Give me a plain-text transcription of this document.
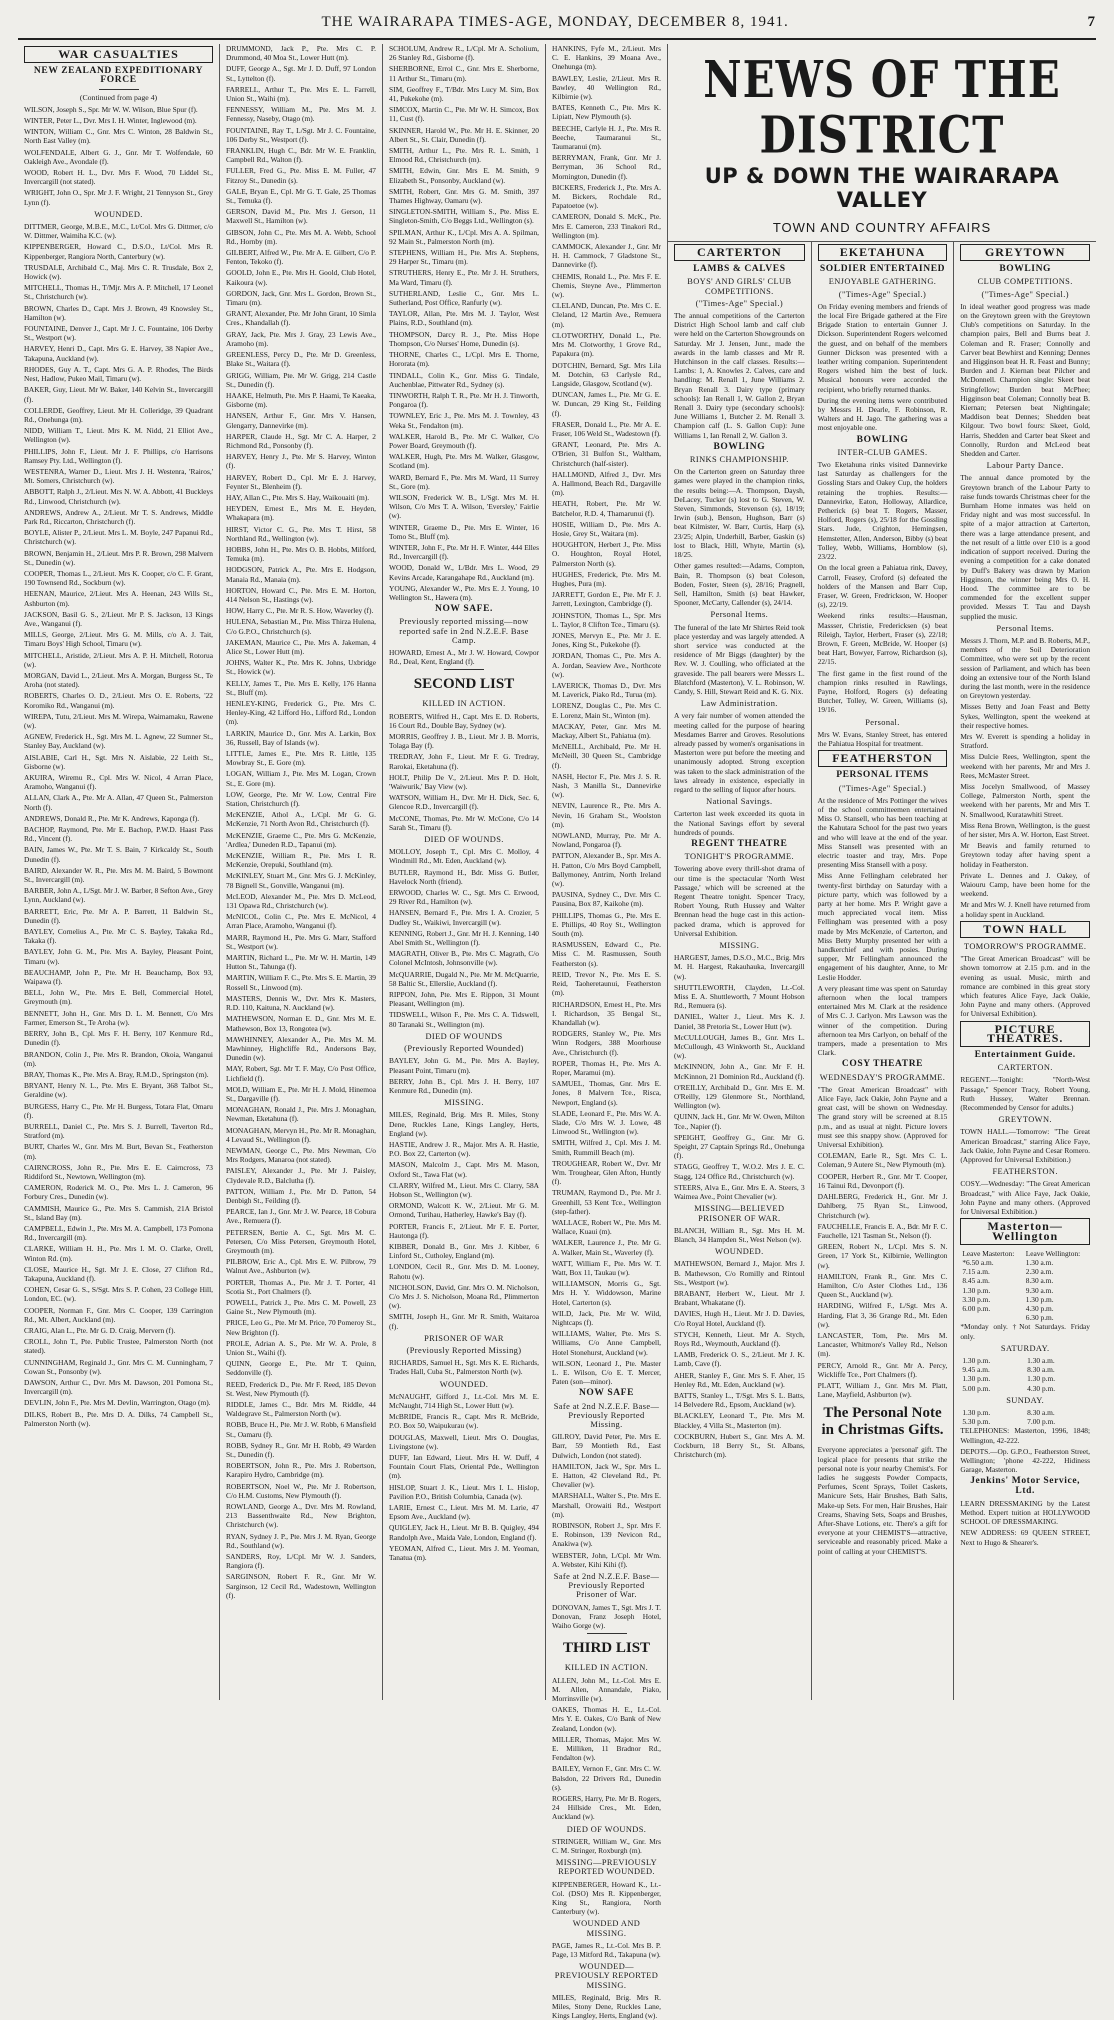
THE WAIRARAPA TIMES-AGE, MONDAY, DECEMBER 8, 1941.	7
WAR CASUALTIES
NEW ZEALAND EXPEDITIONARY FORCE
(Continued from page 4)

WILSON, Joseph S., Spr. Mr W. W. Wilson, Blue Spur (f).

WINTER, Peter L., Dvr. Mrs I. H. Winter, Inglewood (m).

WINTON, William C., Gnr. Mrs C. Winton, 28 Baldwin St., North East Valley (m).

WOLFENDALE, Albert G. J., Gnr. Mr T. Wolfendale, 60 Oakleigh Ave., Avondale (f).

WOOD, Robert H. L., Dvr. Mrs F. Wood, 70 Liddel St., Invercargill (not stated).

WRIGHT, John O., Spr. Mr J. F. Wright, 21 Tennyson St., Grey Lynn (f).

WOUNDED.

DITTMER, George, M.B.E., M.C., Lt/Col. Mrs G. Dittmer, c/o W. Dittmer, Waimiha K.C. (w).

KIPPENBERGER, Howard C., D.S.O., Lt/Col. Mrs R. Kippenberger, Rangiora North, Canterbury (w).

TRUSDALE, Archibald C., Maj. Mrs C. R. Trusdale, Box 2, Howick (w).

MITCHELL, Thomas H., T/Mjr. Mrs A. P. Mitchell, 17 Leonel St., Christchurch (w).

BROWN, Charles D., Capt. Mrs J. Brown, 49 Knowsley St., Hamilton (w).

FOUNTAINE, Denver J., Capt. Mr J. C. Fountaine, 106 Derby St., Westport (w).

HARVEY, Henri D., Capt. Mrs G. E. Harvey, 38 Napier Ave., Takapuna, Auckland (w).

RHODES, Guy A. T., Capt. Mrs G. A. P. Rhodes, The Birds Nest, Hadlow, Pukeo Mail, Timaru (w).

BAKER, Guy, Lieut. Mr W. Baker, 140 Kelvin St., Invercargill (f).

COLLERDE, Geoffrey, Lieut. Mr H. Colleridge, 39 Quadrant Rd., Onehunga (m).

NIDD, William T., Lieut. Mrs K. M. Nidd, 21 Elliot Ave., Wellington (w).

PHILLIPS, John F., Lieut. Mr J. F. Phillips, c/o Harrisons Ramsey Pty. Ltd., Wellington (f).

WESTENRA, Warner D., Lieut. Mrs J. H. Westenra, 'Rairos,' Mt. Somers, Christchurch (w).

ABBOTT, Ralph J., 2/Lieut. Mrs N. W. A. Abbott, 41 Buckleys Rd., Linwood, Christchurch (w).

ANDREWS, Andrew A., 2/Lieut. Mr T. S. Andrews, Middle Park Rd., Riccarton, Christchurch (f).

BOYLE, Alister P., 2/Lieut. Mrs L. M. Boyle, 247 Papanui Rd., Christchurch (w).

BROWN, Benjamin H., 2/Lieut. Mrs P. R. Brown, 298 Malvern St., Dunedin (w).

COOPER, Thomas L., 2/Lieut. Mrs K. Cooper, c/o C. F. Grant, 190 Townsend Rd., Sockburn (w).

HEENAN, Maurice, 2/Lieut. Mrs A. Heenan, 243 Wills St., Ashburton (m).

JACKSON, Basil G. S., 2/Lieut. Mr P. S. Jackson, 13 Kings Ave., Wanganui (f).

MILLS, George, 2/Lieut. Mrs G. M. Mills, c/o A. J. Tait, Timaru Boys' High School, Timaru (w).

MITCHELL, Aristide, 2/Lieut. Mrs A. P. H. Mitchell, Rotorua (w).

MORGAN, David L., 2/Lieut. Mrs A. Morgan, Burgess St., Te Aroha (not stated).

ROBERTS, Charles O. D., 2/Lieut. Mrs O. E. Roberts, '22 Koromiko Rd., Wanganui (m).

WIREPA, Tutu, 2/Lieut. Mrs M. Wirepa, Waimamaku, Rawene (w).

AGNEW, Frederick H., Sgt. Mrs M. L. Agnew, 22 Sumner St., Stanley Bay, Auckland (w).

AISLABIE, Carl H., Sgt. Mrs N. Aislabie, 22 Leith St., Gisborne (w).

AKUIRA, Wiremu R., Cpl. Mrs W. Nicol, 4 Arran Place, Aramoho, Wanganui (f).

ALLAN, Clark A., Pte. Mr A. Allan, 47 Queen St., Palmerston North (f).

ANDREWS, Donald R., Pte. Mr K. Andrews, Kaponga (f).

BACHOP, Raymond, Pte. Mr E. Bachop, P.W.D. Haast Pass Rd., Vincent (f).

BAIN, James W., Pte. Mr T. S. Bain, 7 Kirkcaldy St., South Dunedin (f).

BAIRD, Alexander W. R., Pte. Mrs M. M. Baird, 5 Bowmont St., Invercargill (m).

BARBER, John A., L/Sgt. Mr J. W. Barber, 8 Sefton Ave., Grey Lynn, Auckland (w).

BARRETT, Eric, Pte. Mr A. P. Barrett, 11 Baldwin St., Dunedin (f).

BAYLEY, Cornelius A., Pte. Mr C. S. Bayley, Takaka Rd., Takaka (f).

BAYLEY, John G. M., Pte. Mrs A. Bayley, Pleasant Point, Timaru (w).

BEAUCHAMP, John P., Pte. Mr H. Beauchamp, Box 93, Waipawa (f).

BELL, John W., Pte. Mrs E. Bell, Commercial Hotel, Greymouth (m).

BENNETT, John H., Gnr. Mrs D. L. M. Bennett, C/o Mrs Farmer, Emerson St., Te Aroha (w).

BERRY, John B., Cpl. Mrs F. H. Berry, 107 Kenmure Rd., Dunedin (f).

BRANDON, Colin J., Pte. Mrs R. Brandon, Okoia, Wanganui (m).

BRAY, Thomas K., Pte. Mrs A. Bray, R.M.D., Springston (m).

BRYANT, Henry N. L., Pte. Mrs E. Bryant, 368 Talbot St., Geraldine (w).

BURGESS, Harry C., Pte. Mr H. Burgess, Totara Flat, Omaru (f).

BURRELL, Daniel C., Pte. Mrs S. J. Burrell, Taverton Rd., Stratford (m).

BURT, Charles W., Gnr. Mrs M. Burt, Bevan St., Featherston (m).

CAIRNCROSS, John R., Pte. Mrs E. E. Cairncross, 73 Riddiford St., Newtown, Wellington (m).

CAMERON, Roderick M. O., Pte. Mrs L. J. Cameron, 96 Forbury Cres., Dunedin (w).

CAMMISH, Maurice G., Pte. Mrs S. Cammish, 21A Bristol St., Island Bay (m).

CAMPBELL, Edwin J., Pte. Mrs M. A. Campbell, 173 Pomona Rd., Invercargill (m).

CLARKE, William H. H., Pte. Mrs I. M. O. Clarke, Orell, Winton Rd. (m).

CLOSE, Maurice H., Sgt. Mr J. E. Close, 27 Clifton Rd., Takapuna, Auckland (f).

COHEN, Cesar G. S., S/Sgt. Mrs S. P. Cohen, 23 College Hill, London, EC. (w).

COOPER, Norman F., Gnr. Mrs C. Cooper, 139 Carrington Rd., Mt. Albert, Auckland (m).

CRAIG, Alan L., Pte. Mr G. D. Craig, Mervern (f).

CROLL, John T., Pte. Public Trustee, Palmerston North (not stated).

CUNNINGHAM, Reginald J., Gnr. Mrs C. M. Cunningham, 7 Cowan St., Ponsonby (w).

DAWSON, Arthur C., Dvr. Mrs M. Dawson, 201 Pomona St., Invercargill (m).

DEVLIN, John F., Pte. Mrs M. Devlin, Warrington, Otago (m).

DILKS, Robert B., Pte. Mrs D. A. Dilks, 74 Campbell St., Palmerston North (w).

DRUMMOND, Jack P., Pte. Mrs C. P. Drummond, 40 Moa St., Lower Hutt (m).

DUFF, George A., Sgt. Mr J. D. Duff, 97 London St., Lyttelton (f).

FARRELL, Arthur T., Pte. Mrs E. L. Farrell, Union St., Waihi (m).

FENNESSY, William M., Pte. Mrs M. J. Fennessy, Naseby, Otago (m).

FOUNTAINE, Ray T., L/Sgt. Mr J. C. Fountaine, 106 Derby St., Westport (f).

FRANKLIN, Hugh C., Bdr. Mr W. E. Franklin, Campbell Rd., Walton (f).

FULLER, Fred G., Pte. Miss E. M. Fuller, 47 Fitzroy St., Dunedin (s).

GALE, Bryan E., Cpl. Mr G. T. Gale, 25 Thomas St., Temuka (f).

GERSON, David M., Pte. Mrs J. Gerson, 11 Maxwell St., Hamilton (w).

GIBSON, John C., Pte. Mrs M. A. Webb, School Rd., Hornby (m).

GILBERT, Alfred W., Pte. Mr A. E. Gilbert, C/o P. Fenton, Tekoko (f).

GOOLD, John E., Pte. Mrs H. Goold, Club Hotel, Kaikoura (w).

GORDON, Jack, Gnr. Mrs L. Gordon, Brown St., Timaru (m).

GRANT, Alexander, Pte. Mr John Grant, 10 Simla Cres., Khandallah (f).

GRAY, Jack, Pte. Mrs J. Gray, 23 Lewis Ave., Aramoho (m).

GREENLESS, Percy D., Pte. Mr D. Greenless, Blake St., Waitara (f).

GRIGG, William, Pte. Mr W. Grigg, 214 Castle St., Dunedin (f).

HAAKE, Helmuth, Pte. Mrs P. Haami, Te Kaeaka, Gisborne (m).

HANSEN, Arthur F., Gnr. Mrs V. Hansen, Glengarry, Dannevirke (m).

HARPER, Claude H., Sgt. Mr C. A. Harper, 2 Richmond Rd., Ponsonby (f).

HARVEY, Henry J., Pte. Mr S. Harvey, Winton (f).

HARVEY, Robert D., Cpl. Mr E. J. Harvey, Feynter St., Blenheim (f).

HAY, Allan C., Pte. Mrs S. Hay, Waikouaiti (m).

HEYDEN, Ernest E., Mrs M. E. Heyden, Whakapara (m).

HIRST, Victor C. G., Pte. Mrs T. Hirst, 58 Northland Rd., Wellington (w).

HOBBS, John H., Pte. Mrs O. B. Hobbs, Milford, Temuka (m).

HODGSON, Patrick A., Pte. Mrs E. Hodgson, Manaia Rd., Manaia (m).

HORTON, Howard C., Pte. Mrs E. M. Horton, 414 Nelson St., Hastings (w).

HOW, Harry C., Pte. Mr R. S. How, Waverley (f).

HULENA, Sebastian M., Pte. Miss Thirza Hulena, C/o G.P.O., Christchurch (s).

JAKEMAN, Maurice C., Pte. Mrs A. Jakeman, 4 Alice St., Lower Hutt (m).

JOHNS, Walter K., Pte. Mrs K. Johns, Uxbridge St., Howick (w).

KELLY, James T., Pte. Mrs E. Kelly, 176 Hanna St., Bluff (m).

HENLEY-KING, Frederick G., Pte. Mrs C. Henley-King, 42 Lifford Ho., Lifford Rd., London (m).

LARKIN, Maurice D., Gnr. Mrs A. Larkin, Box 36, Russell, Bay of Islands (w).

LITTLE, James E., Pte. Mrs R. Little, 135 Mowbray St., E. Gore (m).

LOGAN, William J., Pte. Mrs M. Logan, Crown St., E. Gore (m).

LOW, George, Pte. Mr W. Low, Central Fire Station, Christchurch (f).

McKENZIE, Athol A., L/Cpl. Mr G. G. McKenzie, 71 North Avon Rd., Christchurch (f).

McKENZIE, Graeme C., Pte. Mrs G. McKenzie, 'Ardlea,' Duneden R.D., Tapanui (m).

McKENZIE, William R., Pte. Mrs I. R. McKenzie, Orepuki, Southland (m).

McKINLEY, Stuart M., Gnr. Mrs G. J. McKinley, 78 Bignell St., Gonville, Wanganui (m).

McLEOD, Alexander M., Pte. Mrs D. McLeod, 131 Opawa Rd., Christchurch (w).

McNICOL, Colin C., Pte. Mrs E. McNicol, 4 Arran Place, Aramoho, Wanganui (f).

MARR, Raymond H., Pte. Mrs G. Marr, Stafford St., Westport (w).

MARTIN, Richard L., Pte. Mr W. H. Martin, 149 Hutton St., Tahunga (f).

MARTIN, William F. C., Pte. Mrs S. E. Martin, 39 Rossell St., Linwood (m).

MASTERS, Dennis W., Dvr. Mrs K. Masters, R.D. 110, Kaituna, N. Auckland (w).

MATHEWSON, Norman E. D., Gnr. Mrs M. E. Mathewson, Box 13, Rongotea (w).

MAWHINNEY, Alexander A., Pte. Mrs M. M. Mawhinney, Highcliffe Rd., Andersons Bay, Dunedin (w).

MAY, Robert, Sgt. Mr T. F. May, C/o Post Office, Lichfield (f).

MOLD, William E., Pte. Mr H. J. Mold, Hinemoa St., Dargaville (f).

MONAGHAN, Ronald J., Pte. Mrs J. Monaghan, Newman, Eketahuna (f).

MONAGHAN, Mervyn H., Pte. Mr R. Monaghan, 4 Levaud St., Wellington (f).

NEWMAN, George C., Pte. Mrs Newman, C/o Mrs Rodgers, Manaroa (not stated).

PAISLEY, Alexander J., Pte. Mr J. Paisley, Clydevale R.D., Balclutha (f).

PATTON, William J., Pte. Mr D. Patton, 54 Denbigh St., Feilding (f).

PEARCE, Ian J., Gnr. Mr J. W. Pearce, 18 Cobura Ave., Remuera (f).

PETERSEN, Bertie A. C., Sgt. Mrs M. C. Petersen, C/o Miss Petersen, Greymouth Hotel, Greymouth (m).

PILBROW, Eric A., Cpl. Mrs E. W. Pilbrow, 79 Walnut Ave., Ashburton (w).

PORTER, Thomas A., Pte. Mr J. T. Porter, 41 Scotia St., Port Chalmers (f).

POWELL, Patrick J., Pte. Mrs C. M. Powell, 23 Gaine St., New Plymouth (m).

PRICE, Leo G., Pte. Mr M. Price, 70 Pomeroy St., New Brighton (f).

PROLE, Adrian A. S., Pte. Mr W. A. Prole, 8 Union St., Waihi (f).

QUINN, George E., Pte. Mr T. Quinn, Seddonville (f).

REED, Frederick D., Pte. Mr F. Reed, 185 Devon St. West, New Plymouth (f).

RIDDLE, James C., Bdr. Mrs M. Riddle, 44 Waldegrave St., Palmerston North (w).

ROBB, Bruce H., Pte. Mr J. W. Robb, 6 Mansfield St., Oamaru (f).

ROBB, Sydney R., Gnr. Mr H. Robb, 49 Warden St., Dunedin (f).

ROBERTSON, John R., Pte. Mrs J. Robertson, Karapiro Hydro, Cambridge (m).

ROBERTSON, Noel W., Pte. Mr J. Robertson, C/o H.M. Customs, New Plymouth (f).

ROWLAND, George A., Dvr. Mrs M. Rowland, 213 Bassenthwaite Rd., New Brighton, Christchurch (w).

RYAN, Sydney J. P., Pte. Mrs J. M. Ryan, George Rd., Southland (w).

SANDERS, Roy, L/Cpl. Mr W. J. Sanders, Rangiora (f).

SARGINSON, Robert F. R., Gnr. Mr W. Sarginson, 12 Cecil Rd., Wadestown, Wellington (f).

SCHOLUM, Andrew R., L/Cpl. Mr A. Scholium, 26 Stanley Rd., Gisborne (f).

SHERBORNE, Errol C., Gnr. Mrs E. Sherborne, 11 Arthur St., Timaru (m).

SIM, Geoffrey F., T/Bdr. Mrs Lucy M. Sim, Box 41, Pukekohe (m).

SIMCOX, Martin C., Pte. Mr W. H. Simcox, Box 11, Cust (f).

SKINNER, Harold W., Pte. Mr H. E. Skinner, 20 Albert St., St. Clair, Dunedin (f).

SMITH, Arthur L., Pte. Mrs R. L. Smith, 1 Elmood Rd., Christchurch (m).

SMITH, Edwin, Gnr. Mrs E. M. Smith, 9 Elizabeth St., Ponsonby, Auckland (w).

SMITH, Robert, Gnr. Mrs G. M. Smith, 397 Thames Highway, Oamaru (w).

SINGLETON-SMITH, William S., Pte. Miss E. Singleton-Smith, C/o Beggs Ltd., Wellington (s).

SPILMAN, Arthur K., L/Cpl. Mrs A. A. Spilman, 92 Main St., Palmerston North (m).

STEPHENS, William H., Pte. Mrs A. Stephens, 29 Harper St., Timaru (m).

STRUTHERS, Henry E., Pte. Mr J. H. Struthers, Ma Ward, Timaru (f).

SUTHERLAND, Leslie C., Gnr. Mrs L. Sutherland, Post Office, Ranfurly (w).

TAYLOR, Allan, Pte. Mrs M. J. Taylor, West Plains, R.D., Southland (m).

THOMPSON, Darcy R. J., Pte. Miss Hope Thompson, C/o Nurses' Home, Dunedin (s).

THORNE, Charles C., L/Cpl. Mrs E. Thorne, Hororata (m).

TINDALL, Colin K., Gnr. Miss G. Tindale, Auchenblae, Pittwater Rd., Sydney (s).

TINWORTH, Ralph T. R., Pte. Mr H. J. Tinworth, Pongaroa (f).

TOWNLEY, Eric J., Pte. Mrs M. J. Townley, 43 Weka St., Fendalton (m).

WALKER, Harold B., Pte. Mr C. Walker, C/o Power Board, Greymouth (f).

WALKER, Hugh, Pte. Mrs M. Walker, Glasgow, Scotland (m).

WARD, Bernard F., Pte. Mrs M. Ward, 11 Surrey St., Gore (m).

WILSON, Frederick W. B., L/Sgt. Mrs M. H. Wilson, C/o Mrs T. A. Wilson, 'Eversley,' Fairlie (w).

WINTER, Graeme D., Pte. Mrs E. Winter, 16 Tomo St., Bluff (m).

WINTER, John F., Pte. Mr H. F. Winter, 444 Elles Rd., Invercargill (f).

WOOD, Donald W., L/Bdr. Mrs L. Wood, 29 Kevins Arcade, Karangahape Rd., Auckland (m).

YOUNG, Alexander W., Pte. Mrs E. J. Young, 10 Wellington St., Hawera (m).

NOW SAFE.
Previously reported missing—now reported safe in 2nd N.Z.E.F. Base Camp.

HOWARD, Ernest A., Mr J. W. Howard, Cowpor Rd., Deal, Kent, England (f).

SECOND LIST
KILLED IN ACTION.

ROBERTS, Wilfred H., Capt. Mrs E. D. Roberts, 16 Court Rd., Double Bay, Sydney (w).

MORRIS, Geoffrey J. B., Lieut. Mr J. B. Morris, Tolaga Bay (f).

TREDRAY, John F., Lieut. Mr F. G. Tredray, Rarokai, Eketahuna (f).

HOLT, Philip De V., 2/Lieut. Mrs P. D. Holt, 'Waiwurik,' Bay View (w).

WATSON, William H., Dvr. Mr H. Dick, Sec. 6, Glencoe R.D., Invercargill (f).

McCONE, Thomas, Pte. Mr W. McCone, C/o 14 Sarah St., Timaru (f).

DIED OF WOUNDS.

MOLLOY, Joseph T., Cpl. Mrs C. Molloy, 4 Windmill Rd., Mt. Eden, Auckland (w).

BUTLER, Raymond H., Bdr. Miss G. Butler, Havelock North (friend).

ERWOOD, Charles W. C., Sgt. Mrs C. Erwood, 29 River Rd., Hamilton (w).

HANSEN, Bernard F., Pte. Mrs I. A. Crozier, 5 Dudley St., Waikiwi, Invercargill (w).

KENNING, Robert J., Gnr. Mr H. J. Kenning, 140 Abel Smith St., Wellington (f).

MAGRATH, Oliver B., Pte. Mrs C. Magrath, C/o Colonel McIntosh, Johnsonville (w).

McQUARRIE, Dugald N., Pte. Mr M. McQuarrie, 58 Baltic St., Ellerslie, Auckland (f).

RIPPON, John, Pte. Mrs E. Rippon, 31 Mount Pleasant, Wellington (m).

TIDSWELL, Wilson F., Pte. Mrs C. A. Tidswell, 80 Taranaki St., Wellington (m).

DIED OF WOUNDS
(Previously Reported Wounded)

BAYLEY, John G. M., Pte. Mrs A. Bayley, Pleasant Point, Timaru (m).

BERRY, John B., Cpl. Mrs J. H. Berry, 107 Kenmure Rd., Dunedin (m).

MISSING.

MILES, Reginald, Brig. Mrs R. Miles, Stony Dene, Ruckles Lane, Kings Langley, Herts, England (w).

HASTIE, Andrew J. R., Major. Mrs A. R. Hastie, P.O. Box 22, Carterton (w).

MASON, Malcolm J., Capt. Mrs M. Mason, Oxford St., Tawa Flat (w).

CLARRY, Wilfred M., Lieut. Mrs C. Clarry, 58A Hobson St., Wellington (w).

ORMOND, Walcott K. W., 2/Lieut. Mr G. M. Ormond, Turihau, Hatherley, Hawke's Bay (f).

PORTER, Francis F., 2/Lieut. Mr F. E. Porter, Hautonga (f).

KIBBER, Donald B., Gnr. Mrs J. Kibber, 6 Linford St., Cutholey, England (m).

LONDON, Cecil R., Gnr. Mrs D. M. Looney, Rahotu (w).

NICHOLSON, David, Gnr. Mrs O. M. Nicholson, C/o Mrs J. S. Nicholson, Moana Rd., Plimmerton (w).

SMITH, Joseph H., Gnr. Mr R. Smith, Waitaroa (f).

PRISONER OF WAR
(Previously Reported Missing)

RICHARDS, Samuel H., Sgt. Mrs K. E. Richards, Trades Hall, Cuba St., Palmerston North (w).

WOUNDED.

McNAUGHT, Gifford J., Lt.-Col. Mrs M. E. McNaught, 714 High St., Lower Hutt (w).

McBRIDE, Francis R., Capt. Mrs R. McBride, P.O. Box 50, Waipukurau (w).

DOUGLAS, Maxwell, Lieut. Mrs O. Douglas, Livingstone (w).

DUFF, Ian Edward, Lieut. Mrs H. W. Duff, 4 Fountain Court Flats, Oriental Pde., Wellington (m).

HISLOP, Stuart J. K., Lieut. Mrs I. L. Hislop, Pavilion P.O., British Columbia, Canada (w).

LARIE, Ernest C., Lieut. Mrs M. M. Larie, 47 Epsom Ave., Auckland (w).

QUIGLEY, Jack H., Lieut. Mr B. B. Quigley, 494 Randolph Ave., Maida Vale, London, England (f).

YEOMAN, Alfred C., Lieut. Mrs J. M. Yeoman, Tanatua (m).

HANKINS, Fyfe M., 2/Lieut. Mrs C. E. Hankins, 39 Moana Ave., Onehunga (m).

BAWLEY, Leslie, 2/Lieut. Mrs R. Bawley, 40 Wellington Rd., Kilbirnie (w).

BATES, Kenneth C., Pte. Mrs K. Lipiatt, New Plymouth (s).

BEECHE, Carlyle H. J., Pte. Mrs R. Beeche, Taumaranui St., Taumaranui (m).

BERRYMAN, Frank, Gnr. Mr J. Berryman, 36 School Rd., Mornington, Dunedin (f).

BICKERS, Frederick J., Pte. Mrs A. M. Bickers, Rochdale Rd., Papatoetoe (w).

CAMERON, Donald S. McK., Pte. Mrs E. Cameron, 233 Tinakori Rd., Wellington (m).

CAMMOCK, Alexander J., Gnr. Mr H. H. Cammock, 7 Gladstone St., Dannevirke (f).

CHEMIS, Ronald L., Pte. Mrs F. E. Chemis, Steyne Ave., Plimmerton (w).

CLELAND, Duncan, Pte. Mrs C. E. Cleland, 12 Martin Ave., Remuera (m).

CLOTWORTHY, Donald L., Pte. Mrs M. Clotworthy, 1 Grove Rd., Papakura (m).

DOTCHIN, Bernard, Sgt. Mrs Lila M. Dotchin, 63 Carlysle Rd., Langside, Glasgow, Scotland (w).

DUNCAN, James L., Pte. Mr G. E. W. Duncan, 29 King St., Feilding (f).

FRASER, Donald L., Pte. Mr A. E. Fraser, 106 Weld St., Wadestown (f).

GRANT, Leonard, Pte. Mrs A. O'Brien, 31 Bulfon St., Waltham, Christchurch (half-sister).

HALLMOND, Alfred J., Dvr. Mrs A. Hallmond, Beach Rd., Dargaville (m).

HEATH, Robert, Pte. Mr W. Batchelor, R.D. 4, Thamarunui (f).

HOSIE, William D., Pte. Mrs A. Hosie, Grey St., Waitara (m).

HOUGHTON, Herbert J., Pte. Miss O. Houghton, Royal Hotel, Palmerston North (s).

HUGHES, Frederick, Pte. Mrs M. Hughes, Pura (m).

JARRETT, Gordon E., Pte. Mr F. J. Jarrett, Lexington, Cambridge (f).

JOHNSTON, Thomas L., Spr. Mrs L. Taylor, 8 Clifton Tce., Timaru (s).

JONES, Mervyn E., Pte. Mr J. E. Jones, King St., Pukekohe (f).

JORDAN, Thomas C., Pte. Mrs A. A. Jordan, Seaview Ave., Northcote (w).

LAVERICK, Thomas D., Dvr. Mrs M. Laverick, Piako Rd., Turua (m).

LORENZ, Douglas C., Pte. Mrs C. E. Lorenz, Main St., Winton (m).

MACKAY, Peter, Gnr. Mrs M. Mackay, Albert St., Pahiatua (m).

McNEILL, Archibald, Pte. Mr H. McNeill, 30 Queen St., Cambridge (f).

NASH, Hector F., Pte. Mrs J. S. R. Nash, 3 Manilla St., Dannevirke (w).

NEVIN, Laurence R., Pte. Mrs A. Nevin, 16 Graham St., Woolston (m).

NOWLAND, Murray, Pte. Mr A. Nowland, Pongaroa (f).

PATTON, Alexander B., Spr. Mrs A. H. Patton, C/o Mrs Boyd Campbell, Ballymoney, Antrim, North Ireland (w).

PAUSINA, Sydney C., Dvr. Mrs C. Pausina, Box 87, Kaikohe (m).

PHILLIPS, Thomas G., Pte. Mrs E. E. Phillips, 40 Roy St., Wellington South (m).

RASMUSSEN, Edward C., Pte. Miss C. M. Rasmussen, South Featherston (s).

REID, Trevor N., Pte. Mrs E. S. Reid, Taoheretaunui, Featherston (m).

RICHARDSON, Ernest H., Pte. Mrs I. Richardson, 35 Bengal St., Khandallah (w).

RODGERS, Stanley W., Pte. Mrs Winn Rodgers, 388 Moorhouse Ave., Christchurch (f).

ROPER, Thomas H., Pte. Mrs A. Roper, Maramui (m).

SAMUEL, Thomas, Gnr. Mrs E. Jones, 8 Malvern Tce., Risca, Newport, England (s).

SLADE, Leonard F., Pte. Mrs W. A. Slade, C/o Mrs W. J. Lowe, 48 Linwood St., Wellington (w).

SMITH, Wilfred J., Cpl. Mrs J. M. Smith, Rummill Beach (m).

TROUGHEAR, Robert W., Dvr. Mr Wm. Troughear, Glen Afton, Huntly (f).

TRUMAN, Raymond D., Pte. Mr J. Greenhill, 53 Kent Tce., Wellington (step-father).

WALLACE, Robert W., Pte. Mrs M. Wallace, Kuaui (m).

WALKER, Laurence J., Pte. Mr G. A. Walker, Main St., Waverley (f).

WATT, William F., Pte. Mrs W. T. Watt, Box 11, Taukau (w).

WILLIAMSON, Morris G., Sgt. Mrs H. Y. Widdowson, Marine Hotel, Carterton (s).

WILD, Jack, Pte. Mr W. Wild, Nightcaps (f).

WILLIAMS, Walter, Pte. Mrs S. Williams, C/o Anne Campbell, Hotel Stonehurst, Auckland (w).

WILSON, Leonard J., Pte. Master L. E. Wilson, C/o E. T. Mercer, Paten (son—minor).

NOW SAFE
Safe at 2nd N.Z.E.F. Base—Previously Reported Missing.

GILROY, David Peter, Pte. Mrs E. Barr, 59 Montieth Rd., East Dulwich, London (not stated).

HAMILTON, Jack W., Spr. Mrs L. E. Hatton, 42 Cleveland Rd., Pt. Chevalier (w).

MARSHALL, Walter S., Pte. Mrs E. Marshall, Orowaiti Rd., Westport (m).

ROBINSON, Robert J., Spr. Mrs F. E. Robinson, 139 Nevicon Rd., Anakiwa (w).

WEBSTER, John, L/Cpl. Mr Wm. A. Webster, Kihi Kihi (f).

Safe at 2nd N.Z.E.F. Base—Previously Reported Prisoner of War.

DONOVAN, James T., Sgt. Mrs J. T. Donovan, Franz Joseph Hotel, Waiho Gorge (w).

THIRD LIST
KILLED IN ACTION.

ALLEN, John M., Lt.-Col. Mrs E. M. Allen, Annandale, Piako, Morrinsville (w).

OAKES, Thomas H. E., Lt.-Col. Mrs Y. E. Oakes, C/o Bank of New Zealand, London (w).

MILLER, Thomas, Major. Mrs W. E. Milliken, 11 Bradnor Rd., Fendalton (w).

BAILEY, Vernon F., Gnr. Mrs C. W. Balsdon, 22 Drivers Rd., Dunedin (s).

ROGERS, Harry, Pte. Mr B. Rogers, 24 Hillside Cres., Mt. Eden, Auckland (w).

DIED OF WOUNDS.

STRINGER, William W., Gnr. Mrs C. M. Stringer, Roxburgh (m).

MISSING—PREVIOUSLY REPORTED WOUNDED.

KIPPENBERGER, Howard K., Lt.-Col. (DSO) Mrs R. Kippenberger, King St., Rangiora, North Canterbury (w).

WOUNDED AND MISSING.

PAGE, James R., Lt.-Col. Mrs B. P. Page, 13 Mitford Rd., Takapuna (w).

WOUNDED—PREVIOUSLY REPORTED MISSING.

MILES, Reginald, Brig. Mrs R. Miles, Stony Dene, Ruckles Lane, Kings Langley, Herts, England (w).

NEWS OF THE DISTRICT
UP & DOWN THE WAIRARAPA VALLEY
TOWN AND COUNTRY AFFAIRS
CARTERTON
LAMBS & CALVES
BOYS' AND GIRLS' CLUB COMPETITIONS.
("Times-Age" Special.)

The annual competitions of the Carterton District High School lamb and calf club were held on the Carterton Showgrounds on Saturday. Mr J. Jensen, Junr., made the awards in the lamb classes and Mr R. Hutchinson in the calf classes. Results:— Lambs: 1, A. Knowles 2. Calves, care and handling: M. Renall 1, June Williams 2. Bryan Renall 3. Dairy type (primary schools): Ian Renall 1, W. Gallon 2, Bryan Renall 3. Dairy type (secondary schools): June Williams 1, Butcher 2. M. Renall 3. Champion calf (L. S. Gallon Cup): June Williams 1, Ian Renall 2, W. Gallon 3.

BOWLING
RINKS CHAMPIONSHIP.

On the Carterton green on Saturday three games were played in the champion rinks, the results being:—A. Thompson, Daysh, DeLacey, Tucker (s) lost to G. Steven, W. Steven, Simmonds, Stevenson (s), 18/19; Irwin (sub.), Benson, Hughson, Barr (s) beat Kilmister, W. Barr, Curtis, Harp (s), 23/25; Alpin, Underhill, Barber, Gaskin (s) lost to Black, Hill, Whyte, Martin (s), 18/25.

Other games resulted:—Adams, Compton, Bain, R. Thompson (s) beat Coleson, Boden, Foster, Steen (s), 28/16; Pragnell, Sell, Hamilton, Smith (s) beat Hawker, Spooner, McCarty, Callender (s), 24/14.

Personal Items.

The funeral of the late Mr Shirtes Reid took place yesterday and was largely attended. A short service was conducted at the residence of Mr Biggs (daughter) by the Rev. W. J. Coulling, who officiated at the graveside. The pall bearers were Messrs L. Blatchford (Masterton), V. L. Robinson, W. Candy, S. Hill, Stewart Reid and K. G. Nix.

Law Administration.

A very fair number of women attended the meeting called for the purpose of hearing Mesdames Barrer and Groves. Resolutions already passed by women's organisations in Masterton were put before the meeting and unanimously adopted. Strong exception was taken to the slack administration of the laws already in existence, especially in regard to the selling of liquor after hours.

National Savings.

Carterton last week exceeded its quota in the National Savings effort by several hundreds of pounds.

REGENT THEATRE
TONIGHT'S PROGRAMME.

Towering above every thrill-shot drama of our time is the spectacular 'North West Passage,' which will be screened at the Regent Theatre tonight. Spencer Tracy, Robert Young, Ruth Hussey and Walter Brennan head the huge cast in this action-packed drama, which is approved for Universal Exhibition.

MISSING.

HARGEST, James, D.S.O., M.C., Brig. Mrs M. H. Hargest, Rakauhauka, Invercargill (w).

SHUTTLEWORTH, Clayden, Lt.-Col. Miss E. A. Shuttleworth, 7 Mount Hobson Rd., Remuera (s).

DANIEL, Walter J., Lieut. Mrs K. J. Daniel, 38 Pretoria St., Lower Hutt (w).

McCULLOUGH, James B., Gnr. Mrs L. McCullough, 43 Winkworth St., Auckland (w).

McKINNON, John A., Gnr. Mr F. H. McKinnon, 21 Dominion Rd., Auckland (f).

O'REILLY, Archibald D., Gnr. Mrs E. M. O'Reilly, 129 Glenmore St., Northland, Wellington (w).

QUINN, Jack H., Gnr. Mr W. Owen, Milton Tce., Napier (f).

SPEIGHT, Geoffrey G., Gnr. Mr G. Speight, 27 Captain Springs Rd., Onehunga (f).

STAGG, Geoffrey T., W.O.2. Mrs J. E. C. Stagg, 124 Office Rd., Christchurch (w).

STEERS, Alva E., Gnr. Mrs E. A. Steers, 3 Waimea Ave., Point Chevalier (w).

MISSING—BELIEVED PRISONER OF WAR.

BLANCH, William R., Sgt. Mrs H. M. Blanch, 34 Hampden St., West Nelson (w).

WOUNDED.

MATHEWSON, Bernard J., Major. Mrs J. B. Mathewson, C/o Romilly and Rintoul Sts., Westport (w).

BRABANT, Herbert W., Lieut. Mr J. Brabant, Whakatane (f).

DAVIES, Hugh H., Lieut. Mr J. D. Davies, C/o Royal Hotel, Auckland (f).

STYCH, Kenneth, Lieut. Mr A. Stych, Roys Rd., Weymouth, Auckland (f).

LAMB, Frederick O. S., 2/Lieut. Mr J. K. Lamb, Cave (f).

AHER, Stanley F., Gnr. Mrs S. F. Aher, 15 Henley Rd., Mt. Eden, Auckland (w).

BATTS, Stanley L., T/Sgt. Mrs S. L. Batts, 14 Belvedere Rd., Epsom, Auckland (w).

BLACKLEY, Leonard T., Pte. Mrs M. Blackley, 4 Villa St., Masterton (m).

COCKBURN, Hubert S., Gnr. Mrs A. M. Cockburn, 18 Berry St., St. Albans, Christchurch (m).

EKETAHUNA
SOLDIER ENTERTAINED
ENJOYABLE GATHERING.
("Times-Age" Special.)

On Friday evening members and friends of the local Fire Brigade gathered at the Fire Brigade Station to entertain Gunner J. Dickson. Superintendent Rogers welcomed the guest, and on behalf of the members Gunner Dickson was presented with a leather writing companion. Superintendent Rogers wished him the best of luck. Musical honours were accorded the recipient, who briefly returned thanks.

During the evening items were contributed by Messrs H. Dearle, F. Robinson, R. Walters and H. Jago. The gathering was a most enjoyable one.

BOWLING
INTER-CLUB GAMES.

Two Eketahuna rinks visited Dannevirke last Saturday as challengers for the Gossling Stars and Oakey Cup, the holders retaining the trophies. Results:—Dannevirke, Eaton, Holloway, Allardice, Petherick (s) beat T. Rogers, Masser, Holford, Rogers (s), 25/18 for the Gossling Stars. Jude, Crighton, Hemingsen, Hemstetter, Allen, Anderson, Bibby (s) beat Tolley, Webb, Williams, Hornblow (s), 23/22.

On the local green a Pahiatua rink, Davey, Carroll, Feasey, Croford (s) defeated the holders of the Mansen and Barr Cup, Fraser, W. Green, Fredrickson, W. Hooper (s), 22/19.

Weekend rinks results:—Hausman, Massser, Christie, Fredericksen (s) beat Rileigh, Taylor, Herbert, Fraser (s), 22/18; Brown, F. Green, McBride, W. Hooper (s) beat Hart, Bowyer, Farrow, Richardson (s), 22/15.

The first game in the first round of the champion rinks resulted in Rawlings, Payne, Holford, Rogers (s) defeating Butcher, Tolley, W. Green, Williams (s), 19/16.

Personal.

Mrs W. Evans, Stanley Street, has entered the Pahiatua Hospital for treatment.

FEATHERSTON
PERSONAL ITEMS
("Times-Age" Special.)

At the residence of Mrs Pottinger the wives of the school committeemen entertained Miss O. Stansell, who has been teaching at the Kahutara School for the past two years and who will leave at the end of the year. Miss Stansell was presented with an electric toaster and tray, Mrs. Pope presenting Miss Stansell with a posy.

Miss Anne Fellingham celebrated her twenty-first birthday on Saturday with a picture party, which was followed by a party at her home. Mrs P. Wright gave a much appreciated vocal item. Miss Fellingham was presented with a posy made by Mrs McKenzie, of Carterton, and Miss Betty Murphy presented her with a handkerchief and with posies. During supper, Mr Fellingham announced the engagement of his daughter, Anne, to Mr Leslie Hodder.

A very pleasant time was spent on Saturday afternoon when the local trampers entertained Mrs M. Clark at the residence of Mrs C. J. Carlyon. Mrs Lawson was the winner of the competition. During afternoon tea Mrs Carlyon, on behalf of the trampers, made a presentation to Mrs Clark.

COSY THEATRE
WEDNESDAY'S PROGRAMME.

"The Great American Broadcast" with Alice Faye, Jack Oakie, John Payne and a great cast, will be shown on Wednesday. The grand story will be screened at 8.15 p.m., and as usual at night. Picture lovers must see this snappy show. (Approved for Universal Exhibition).

COLEMAN, Earle R., Sgt. Mrs C. L. Coleman, 9 Autere St., New Plymouth (m).

COOPER, Herbert R., Gnr. Mr T. Cooper, 16 Tainui Rd., Devonport (f).

DAHLBERG, Frederick H., Gnr. Mr J. Dahlberg, 75 Ryan St., Linwood, Christchurch (w).

FAUCHELLE, Francis E. A., Bdr. Mr F. C. Fauchelle, 121 Tasman St., Nelson (f).

GREEN, Robert N., L/Cpl. Mrs S. N. Green, 17 York St., Kilbirnie, Wellington (w).

HAMILTON, Frank R., Gnr. Mrs C. Hamilton, C/o Aster Clothes Ltd., 136 Queen St., Auckland (w).

HARDING, Wilfred F., L/Sgt. Mrs A. Harding, Flat 3, 36 Grange Rd., Mt. Eden (w).

LANCASTER, Tom, Pte. Mrs M. Lancaster, Whitmore's Valley Rd., Nelson (m).

PERCY, Arnold R., Gnr. Mr A. Percy, Wickliffe Tce., Port Chalmers (f).

PLATT, William J., Gnr. Mrs M. Platt, Lane, Mayfield, Ashburton (w).

The Personal Note in Christmas Gifts.

Everyone appreciates a 'personal' gift. The logical place for presents that strike the personal note is your nearby Chemist's. For ladies he suggests Powder Compacts, Perfumes, Scent Sprays, Toilet Caskets, Manicure Sets, Hair Brushes, Bath Salts, Make-up Sets. For men, Hair Brushes, Hair Creams, Shaving Sets, Soaps and Brushes, After-Shave Lotions, etc. There's a gift for everyone at your CHEMIST'S—attractive, serviceable and reasonably priced. Make a point of calling at your CHEMIST'S.

GREYTOWN
BOWLING
CLUB COMPETITIONS.
("Times-Age" Special.)

In ideal weather good progress was made on the Greytown green with the Greytown Club's competitions on Saturday. In the champion pairs, Bell and Burns beat J. Coleman and R. Fraser; Connolly and Carver beat Bewhirst and Kenning; Dennes and Higginson beat H. R. Feast and Bunny; Burden and J. Kiernan beat Pilcher and McDonnell. Champion single: Skeet beat Stringfellow; Burden beat McPhee; Higginson beat Coleman; Connolly beat B. Kiernan; Petersen beat Nightingale; Maddison beat Dennes; Shedden beat Kilgour. Two bowl fours: Skeet, Gold, Harris, Shedden and Carter beat Skeet and Connolly, Rurdon and McLeod beat Shedden and Carter.

Labour Party Dance.

The annual dance promoted by the Greytown branch of the Labour Party to raise funds towards Christmas cheer for the Burnham Home inmates was held on Friday night and was most successful. In spite of a major attraction at Carterton, there was a large attendance present, and the net result of a little over £10 is a good indication of support received. During the evening a competition for a cake donated by Duff's Bakery was drawn by Marion Higginson, the winner being Mrs O. H. Hood. The committee are to be commended for the excellent supper provided. Messrs T. Tau and Daysh supplied the music.

Personal Items.

Messrs J. Thorn, M.P. and B. Roberts, M.P., members of the Soil Deterioration Committee, who were set up by the recent session of Parliament, and which has been doing an extensive tour of the North Island during the last month, were in the residence on Greytown yesterday.

Misses Betty and Joan Feast and Betty Sykes, Wellington, spent the weekend at their respective homes.

Mrs W. Everett is spending a holiday in Stratford.

Miss Dulcie Rees, Wellington, spent the weekend with her parents, Mr and Mrs J. Rees, McMaster Street.

Miss Jocelyn Smallwood, of Massey College, Palmerston North, spent the weekend with her parents, Mr and Mrs T. N. Smallwood, Kuratawhiti Street.

Miss Rena Brown, Wellington, is the guest of her sister, Mrs A. W. Horton, East Street.

Mr Beavis and family returned to Greytown today after having spent a holiday in Featherston.

Private L. Dennes and J. Oakey, of Waiouru Camp, have been home for the weekend.

Mr and Mrs W. J. Knell have returned from a holiday spent in Auckland.

TOWN HALL
TOMORROW'S PROGRAMME.

"The Great American Broadcast" will be shown tomorrow at 2.15 p.m. and in the evening as usual. Music, mirth and romance are combined in this great story which features Alice Faye, Jack Oakie, John Payne and many others. (Approved for Universal Exhibition).

PICTURE THEATRES.
Entertainment Guide.
CARTERTON.

REGENT.—Tonight: "North-West Passage," Spencer Tracy, Robert Young, Ruth Hussey, Walter Brennan. (Recommended by Censor for adults.)

GREYTOWN.

TOWN HALL.—Tomorrow: "The Great American Broadcast," starring Alice Faye, Jack Oakie, John Payne and Cesar Romero. (Approved for Universal Exhibition.)

FEATHERSTON.

COSY.—Wednesday: "The Great American Broadcast," with Alice Faye, Jack Oakie, John Payne and many others. (Approved for Universal Exhibition.)

Masterton—Wellington
Leave Masterton:	Leave Wellington:
*6.50 a.m.	1.30 a.m.
7.15 a.m.	2.30 a.m.
8.45 a.m.	8.30 a.m.
1.30 p.m.	9.30 a.m.
3.30 p.m.	1.30 p.m.
6.00 p.m.	4.30 p.m.
	6.30 p.m.

*Monday only. †Not Saturdays. Friday only.

SATURDAY.
1.30 p.m.	1.30 a.m.
9.45 a.m.	8.30 a.m.
1.30 p.m.	1.30 p.m.
5.00 p.m.	4.30 p.m.
SUNDAY.
1.30 p.m.	8.30 a.m.
5.30 p.m.	7.00 p.m.

TELEPHONES: Masterton, 1996, 1848; Wellington, 42-222.

DEPOTS.—Op. G.P.O., Featherston Street, Wellington; 'phone 42-222, Hidiness Garage, Masterton.

Jenkins' Motor Service, Ltd.

LEARN DRESSMAKING by the Latest Method. Expert tuition at HOLLYWOOD SCHOOL OF DRESSMAKING.

NEW ADDRESS: 69 QUEEN STREET, Next to Hugo & Shearer's.
